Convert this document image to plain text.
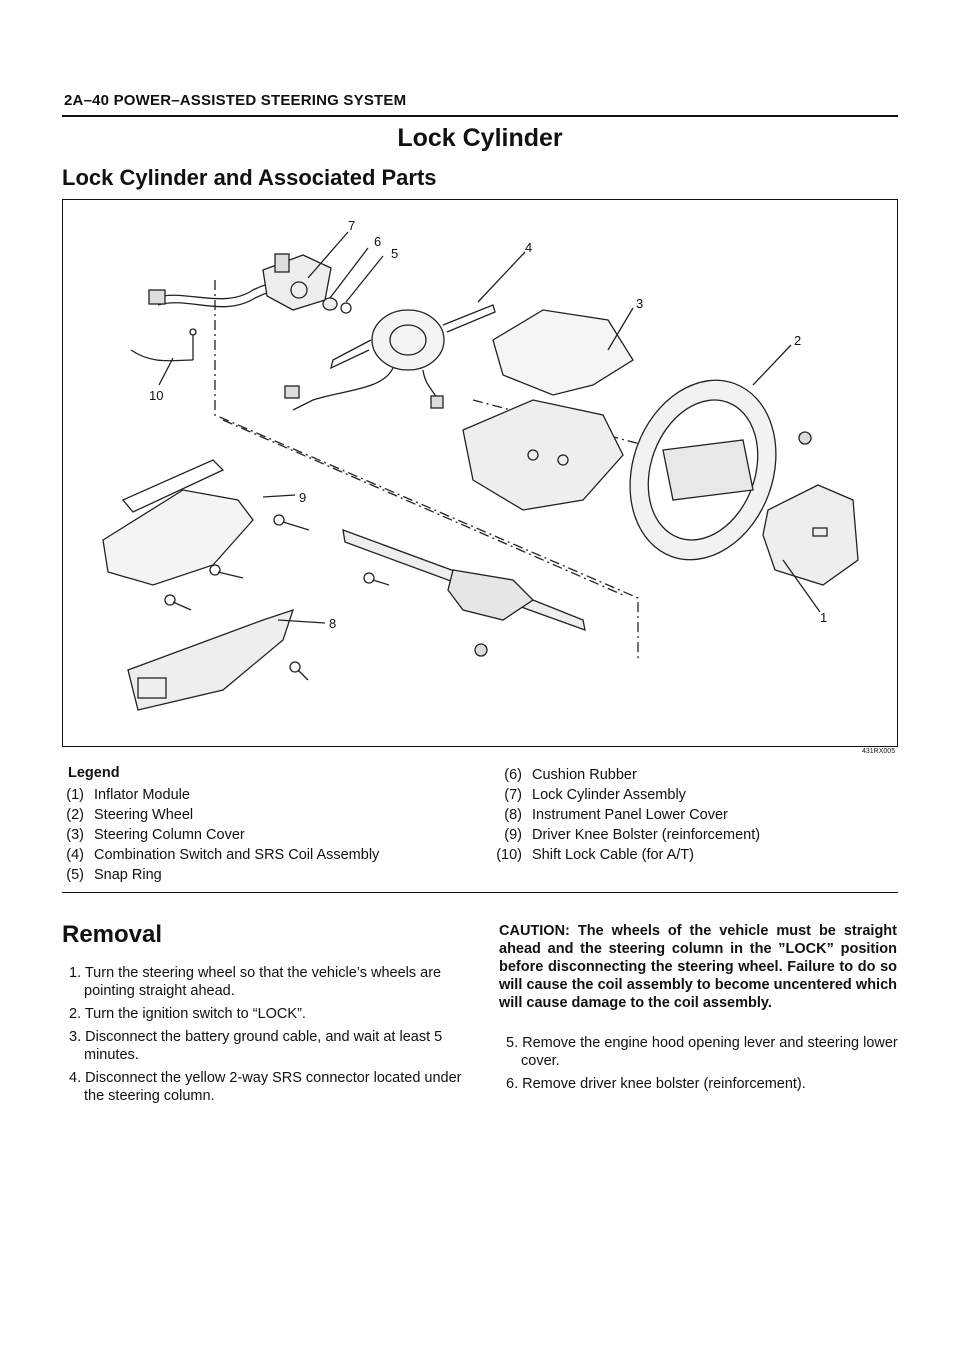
2A–40 POWER–ASSISTED STEERING SYSTEM
Lock Cylinder
Lock Cylinder and Associated Parts
7
6
5	4
3
2
1
8
9
10
431RX005
Legend
(1) Inflator Module
(2) Steering Wheel
(3) Steering Column Cover
(4) Combination Switch and SRS Coil Assembly
(5) Snap Ring
(6) Cushion Rubber
(7) Lock Cylinder Assembly
(8) Instrument Panel Lower Cover
(9) Driver Knee Bolster (reinforcement)
(10) Shift Lock Cable (for A/T)
Removal
1. Turn the steering wheel so that the vehicle’s wheels are pointing straight ahead.
2. Turn the ignition switch to “LOCK”.
3. Disconnect the battery ground cable, and wait at least 5 minutes.
4. Disconnect the yellow 2-way SRS connector located under the steering column.
CAUTION: The wheels of the vehicle must be straight ahead and the steering column in the ”LOCK” position before disconnecting the steering wheel. Failure to do so will cause the coil assembly to become uncentered which will cause damage to the coil assembly.
5. Remove the engine hood opening lever and steering lower cover.
6. Remove driver knee bolster (reinforcement).
